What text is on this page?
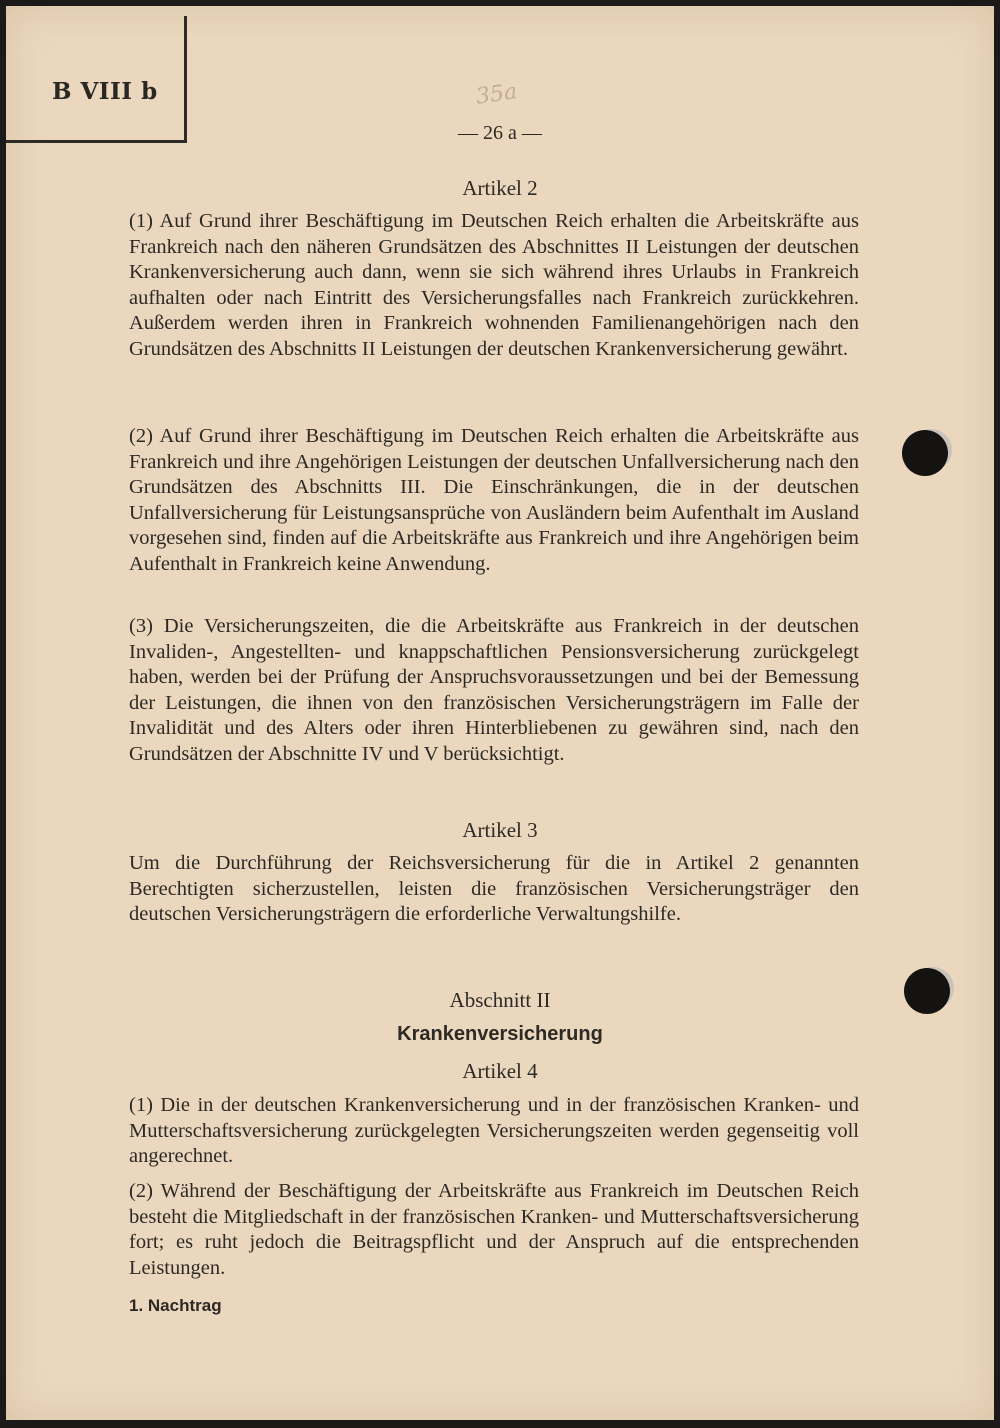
B VIII b	35a
— 26 a —
Artikel 2

(1) Auf Grund ihrer Beschäftigung im Deutschen Reich erhalten die Arbeitskräfte aus Frankreich nach den näheren Grundsätzen des Abschnittes II Leistungen der deutschen Krankenversicherung auch dann, wenn sie sich während ihres Urlaubs in Frankreich aufhalten oder nach Eintritt des Versicherungsfalles nach Frankreich zurückkehren. Außerdem werden ihren in Frankreich wohnenden Familienangehörigen nach den Grundsätzen des Abschnitts II Leistungen der deutschen Krankenversicherung gewährt.

(2) Auf Grund ihrer Beschäftigung im Deutschen Reich erhalten die Arbeitskräfte aus Frankreich und ihre Angehörigen Leistungen der deutschen Unfallversicherung nach den Grundsätzen des Abschnitts III. Die Einschränkungen, die in der deutschen Unfallversicherung für Leistungsansprüche von Ausländern beim Aufenthalt im Ausland vorgesehen sind, finden auf die Arbeitskräfte aus Frankreich und ihre Angehörigen beim Aufenthalt in Frankreich keine Anwendung.

(3) Die Versicherungszeiten, die die Arbeitskräfte aus Frankreich in der deutschen Invaliden-, Angestellten- und knappschaftlichen Pensionsversicherung zurückgelegt haben, werden bei der Prüfung der Anspruchsvoraussetzungen und bei der Bemessung der Leistungen, die ihnen von den französischen Versicherungsträgern im Falle der Invalidität und des Alters oder ihren Hinterbliebenen zu gewähren sind, nach den Grundsätzen der Abschnitte IV und V berücksichtigt.

Artikel 3

Um die Durchführung der Reichsversicherung für die in Artikel 2 genannten Berechtigten sicherzustellen, leisten die französischen Versicherungsträger den deutschen Versicherungsträgern die erforderliche Verwaltungshilfe.

Abschnitt II
Krankenversicherung
Artikel 4

(1) Die in der deutschen Krankenversicherung und in der französischen Kranken- und Mutterschaftsversicherung zurückgelegten Versicherungszeiten werden gegenseitig voll angerechnet.

(2) Während der Beschäftigung der Arbeitskräfte aus Frankreich im Deutschen Reich besteht die Mitgliedschaft in der französischen Kranken- und Mutterschaftsversicherung fort; es ruht jedoch die Beitragspflicht und der Anspruch auf die entsprechenden Leistungen.

1. Nachtrag
